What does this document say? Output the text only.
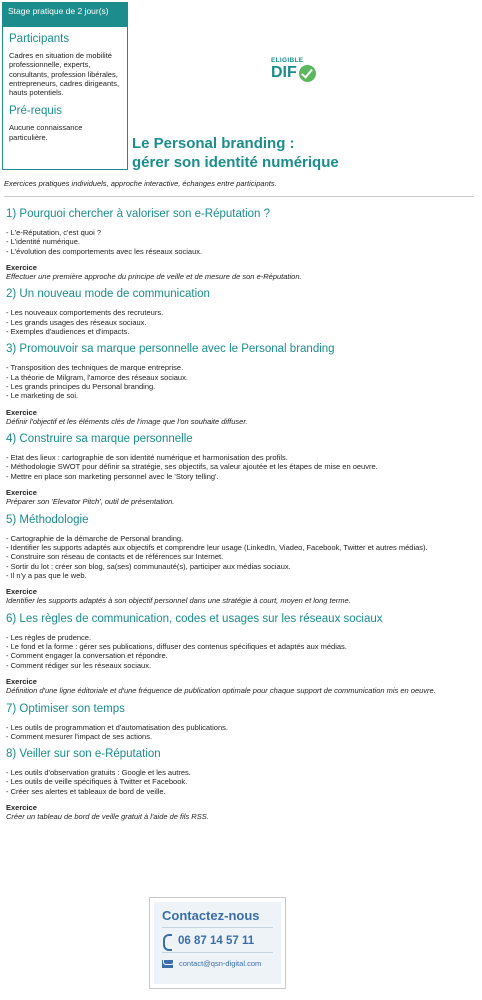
Stage pratique de 2 jour(s)
Participants
Cadres en situation de mobilité professionnelle, experts, consultants, profession libérales, entrepreneurs, cadres dirigeants, hauts potentiels.
Pré-requis
Aucune connaissance particulière.
ELIGIBLE
DIF
Le Personal branding :
gérer son identité numérique
Exercices pratiques individuels, approche interactive, échanges entre participants.
1) Pourquoi chercher à valoriser son e-Réputation ?
- L'e-Réputation, c'est quoi ?
- L'identité numérique.
- L'évolution des comportements avec les réseaux sociaux.
Exercice
Effectuer une première approche du principe de veille et de mesure de son e-Réputation.
2) Un nouveau mode de communication
- Les nouveaux comportements des recruteurs.
- Les grands usages des réseaux sociaux.
- Exemples d'audiences et d'impacts.
3) Promouvoir sa marque personnelle avec le Personal branding
- Transposition des techniques de marque entreprise.
- La théorie de Milgram, l'amorce des réseaux sociaux.
- Les grands principes du Personal branding.
- Le marketing de soi.
Exercice
Définir l'objectif et les éléments clés de l'image que l'on souhaite diffuser.
4) Construire sa marque personnelle
- Etat des lieux : cartographie de son identité numérique et harmonisation des profils.
- Méthodologie SWOT pour définir sa stratégie, ses objectifs, sa valeur ajoutée et les étapes de mise en oeuvre.
- Mettre en place son marketing personnel avec le 'Story telling'.
Exercice
Préparer son 'Elevator Pitch', outil de présentation.
5) Méthodologie
- Cartographie de la démarche de Personal branding.
- Identifier les supports adaptés aux objectifs et comprendre leur usage (LinkedIn, Viadeo, Facebook, Twitter et autres médias).
- Construire son réseau de contacts et de références sur Internet.
- Sortir du lot : créer son blog, sa(ses) communauté(s), participer aux médias sociaux.
- Il n'y a pas que le web.
Exercice
Identifier les supports adaptés à son objectif personnel dans une stratégie à court, moyen et long terme.
6) Les règles de communication, codes et usages sur les réseaux sociaux
- Les règles de prudence.
- Le fond et la forme : gérer ses publications, diffuser des contenus spécifiques et adaptés aux médias.
- Comment engager la conversation et répondre.
- Comment rédiger sur les réseaux sociaux.
Exercice
Définition d'une ligne éditoriale et d'une fréquence de publication optimale pour chaque support de communication mis en oeuvre.
7) Optimiser son temps
- Les outils de programmation et d'automatisation des publications.
- Comment mesurer l'impact de ses actions.
8) Veiller sur son e-Réputation
- Les outils d'observation gratuits : Google et les autres.
- Les outils de veille spécifiques à Twitter et Facebook.
- Créer ses alertes et tableaux de bord de veille.
Exercice
Créer un tableau de bord de veille gratuit à l'aide de fils RSS.
Contactez-nous
06 87 14 57 11
contact@qsn-digital.com
